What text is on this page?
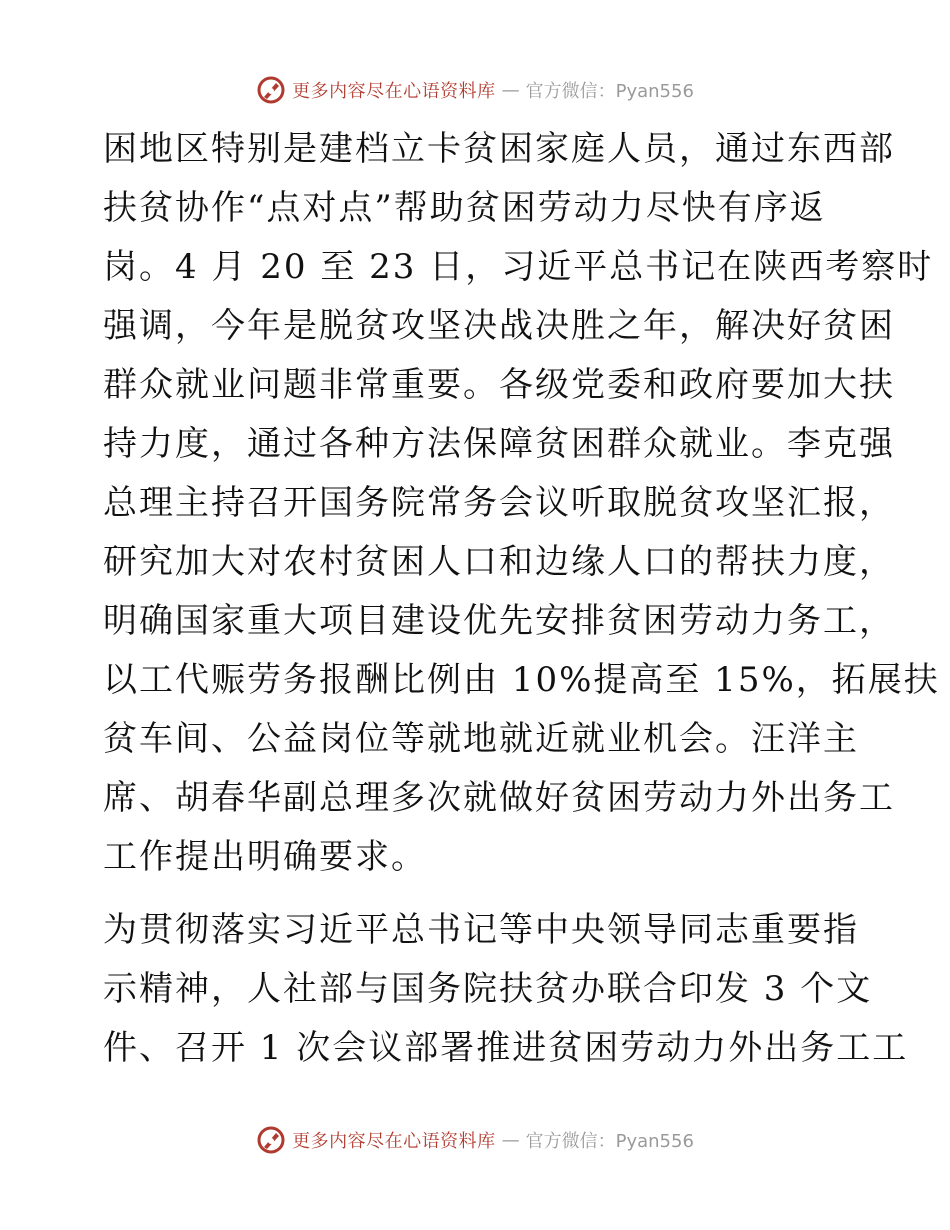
更多内容尽在心语资料库 — 官方微信：Pyan556
困地区特别是建档立卡贫困家庭人员，通过东西部
扶贫协作“点对点”帮助贫困劳动力尽快有序返
岗。4 月 20 至 23 日，习近平总书记在陕西考察时
强调，今年是脱贫攻坚决战决胜之年，解决好贫困
群众就业问题非常重要。各级党委和政府要加大扶
持力度，通过各种方法保障贫困群众就业。李克强
总理主持召开国务院常务会议听取脱贫攻坚汇报，
研究加大对农村贫困人口和边缘人口的帮扶力度，
明确国家重大项目建设优先安排贫困劳动力务工，
以工代赈劳务报酬比例由 10%提高至 15%，拓展扶
贫车间、公益岗位等就地就近就业机会。汪洋主
席、胡春华副总理多次就做好贫困劳动力外出务工
工作提出明确要求。
为贯彻落实习近平总书记等中央领导同志重要指
示精神，人社部与国务院扶贫办联合印发 3 个文
件、召开 1 次会议部署推进贫困劳动力外出务工工
更多内容尽在心语资料库 — 官方微信：Pyan556
